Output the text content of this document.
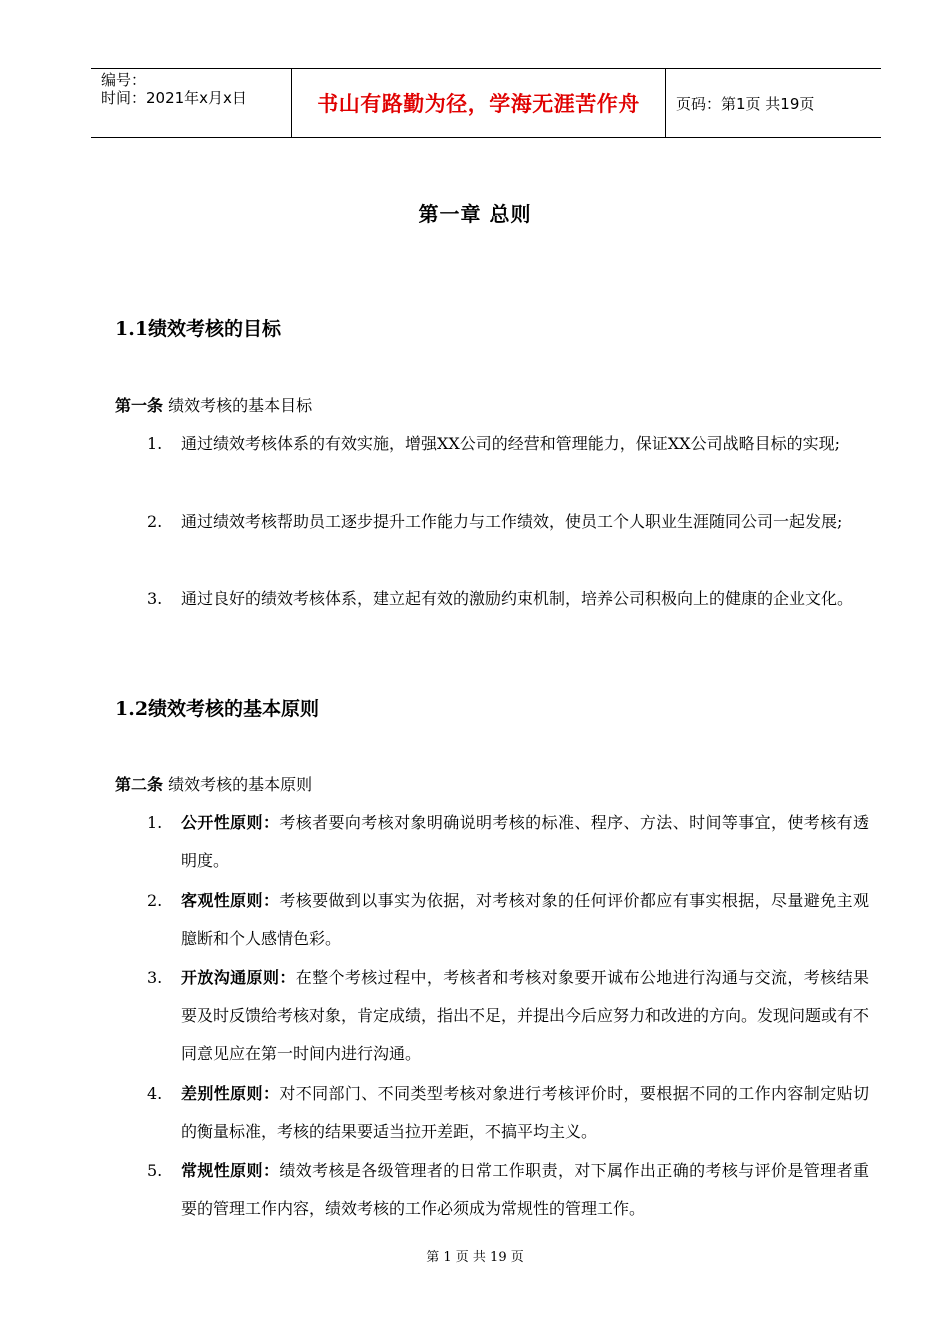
编号：
时间：2021年x月x日	书山有路勤为径，学海无涯苦作舟	页码：第1页 共19页
第一章 总则
1.1绩效考核的目标
第一条 绩效考核的基本目标
1. 通过绩效考核体系的有效实施，增强XX公司的经营和管理能力，保证XX公司战略目标的实现;
2. 通过绩效考核帮助员工逐步提升工作能力与工作绩效，使员工个人职业生涯随同公司一起发展;
3. 通过良好的绩效考核体系，建立起有效的激励约束机制，培养公司积极向上的健康的企业文化。
1.2绩效考核的基本原则
第二条 绩效考核的基本原则
1. 公开性原则：考核者要向考核对象明确说明考核的标准、程序、方法、时间等事宜，使考核有透明度。
2. 客观性原则：考核要做到以事实为依据，对考核对象的任何评价都应有事实根据，尽量避免主观臆断和个人感情色彩。
3. 开放沟通原则：在整个考核过程中，考核者和考核对象要开诚布公地进行沟通与交流，考核结果要及时反馈给考核对象，肯定成绩，指出不足，并提出今后应努力和改进的方向。发现问题或有不同意见应在第一时间内进行沟通。
4. 差别性原则：对不同部门、不同类型考核对象进行考核评价时，要根据不同的工作内容制定贴切的衡量标准，考核的结果要适当拉开差距，不搞平均主义。
5. 常规性原则：绩效考核是各级管理者的日常工作职责，对下属作出正确的考核与评价是管理者重要的管理工作内容，绩效考核的工作必须成为常规性的管理工作。
第 1 页 共 19 页
